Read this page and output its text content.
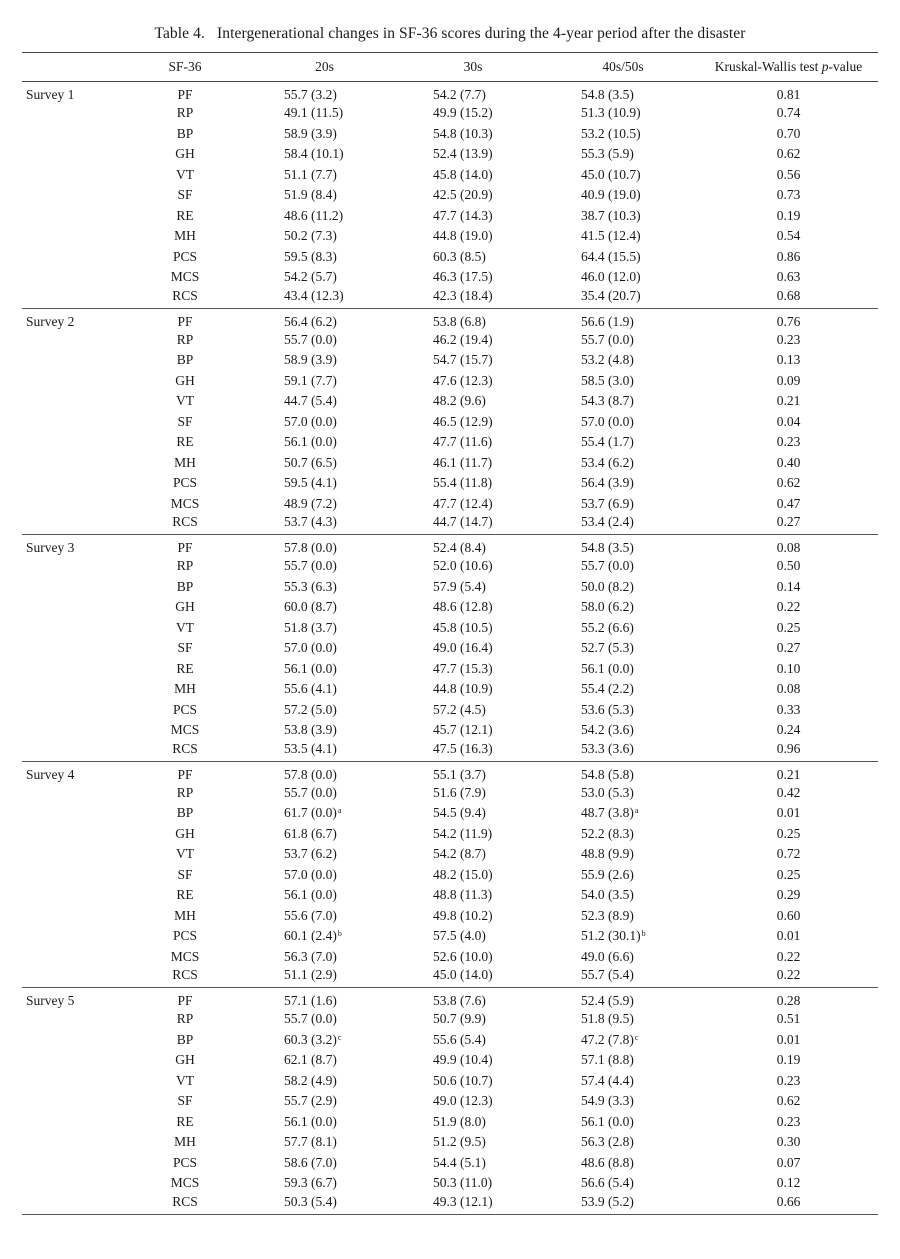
Table 4. Intergenerational changes in SF-36 scores during the 4-year period after the disaster
	SF-36	20s	30s	40s/50s	Kruskal-Wallis test p-value
Survey 1	PF	55.7 (3.2)	54.2 (7.7)	54.8 (3.5)	0.81
	RP	49.1 (11.5)	49.9 (15.2)	51.3 (10.9)	0.74
	BP	58.9 (3.9)	54.8 (10.3)	53.2 (10.5)	0.70
	GH	58.4 (10.1)	52.4 (13.9)	55.3 (5.9)	0.62
	VT	51.1 (7.7)	45.8 (14.0)	45.0 (10.7)	0.56
	SF	51.9 (8.4)	42.5 (20.9)	40.9 (19.0)	0.73
	RE	48.6 (11.2)	47.7 (14.3)	38.7 (10.3)	0.19
	MH	50.2 (7.3)	44.8 (19.0)	41.5 (12.4)	0.54
	PCS	59.5 (8.3)	60.3 (8.5)	64.4 (15.5)	0.86
	MCS	54.2 (5.7)	46.3 (17.5)	46.0 (12.0)	0.63
	RCS	43.4 (12.3)	42.3 (18.4)	35.4 (20.7)	0.68
Survey 2	PF	56.4 (6.2)	53.8 (6.8)	56.6 (1.9)	0.76
	RP	55.7 (0.0)	46.2 (19.4)	55.7 (0.0)	0.23
	BP	58.9 (3.9)	54.7 (15.7)	53.2 (4.8)	0.13
	GH	59.1 (7.7)	47.6 (12.3)	58.5 (3.0)	0.09
	VT	44.7 (5.4)	48.2 (9.6)	54.3 (8.7)	0.21
	SF	57.0 (0.0)	46.5 (12.9)	57.0 (0.0)	0.04
	RE	56.1 (0.0)	47.7 (11.6)	55.4 (1.7)	0.23
	MH	50.7 (6.5)	46.1 (11.7)	53.4 (6.2)	0.40
	PCS	59.5 (4.1)	55.4 (11.8)	56.4 (3.9)	0.62
	MCS	48.9 (7.2)	47.7 (12.4)	53.7 (6.9)	0.47
	RCS	53.7 (4.3)	44.7 (14.7)	53.4 (2.4)	0.27
Survey 3	PF	57.8 (0.0)	52.4 (8.4)	54.8 (3.5)	0.08
	RP	55.7 (0.0)	52.0 (10.6)	55.7 (0.0)	0.50
	BP	55.3 (6.3)	57.9 (5.4)	50.0 (8.2)	0.14
	GH	60.0 (8.7)	48.6 (12.8)	58.0 (6.2)	0.22
	VT	51.8 (3.7)	45.8 (10.5)	55.2 (6.6)	0.25
	SF	57.0 (0.0)	49.0 (16.4)	52.7 (5.3)	0.27
	RE	56.1 (0.0)	47.7 (15.3)	56.1 (0.0)	0.10
	MH	55.6 (4.1)	44.8 (10.9)	55.4 (2.2)	0.08
	PCS	57.2 (5.0)	57.2 (4.5)	53.6 (5.3)	0.33
	MCS	53.8 (3.9)	45.7 (12.1)	54.2 (3.6)	0.24
	RCS	53.5 (4.1)	47.5 (16.3)	53.3 (3.6)	0.96
Survey 4	PF	57.8 (0.0)	55.1 (3.7)	54.8 (5.8)	0.21
	RP	55.7 (0.0)	51.6 (7.9)	53.0 (5.3)	0.42
	BP	61.7 $(0.0)^a$	54.5 (9.4)	48.7 $(3.8)^a$	0.01
	GH	61.8 (6.7)	54.2 (11.9)	52.2 (8.3)	0.25
	VT	53.7 (6.2)	54.2 (8.7)	48.8 (9.9)	0.72
	SF	57.0 (0.0)	48.2 (15.0)	55.9 (2.6)	0.25
	RE	56.1 (0.0)	48.8 (11.3)	54.0 (3.5)	0.29
	MH	55.6 (7.0)	49.8 (10.2)	52.3 (8.9)	0.60
	PCS	60.1 $(2.4)^b$	57.5 (4.0)	51.2 $(30.1)^b$	0.01
	MCS	56.3 (7.0)	52.6 (10.0)	49.0 (6.6)	0.22
	RCS	51.1 (2.9)	45.0 (14.0)	55.7 (5.4)	0.22
Survey 5	PF	57.1 (1.6)	53.8 (7.6)	52.4 (5.9)	0.28
	RP	55.7 (0.0)	50.7 (9.9)	51.8 (9.5)	0.51
	BP	60.3 $(3.2)^c$	55.6 (5.4)	47.2 $(7.8)^c$	0.01
	GH	62.1 (8.7)	49.9 (10.4)	57.1 (8.8)	0.19
	VT	58.2 (4.9)	50.6 (10.7)	57.4 (4.4)	0.23
	SF	55.7 (2.9)	49.0 (12.3)	54.9 (3.3)	0.62
	RE	56.1 (0.0)	51.9 (8.0)	56.1 (0.0)	0.23
	MH	57.7 (8.1)	51.2 (9.5)	56.3 (2.8)	0.30
	PCS	58.6 (7.0)	54.4 (5.1)	48.6 (8.8)	0.07
	MCS	59.3 (6.7)	50.3 (11.0)	56.6 (5.4)	0.12
	RCS	50.3 (5.4)	49.3 (12.1)	53.9 (5.2)	0.66
